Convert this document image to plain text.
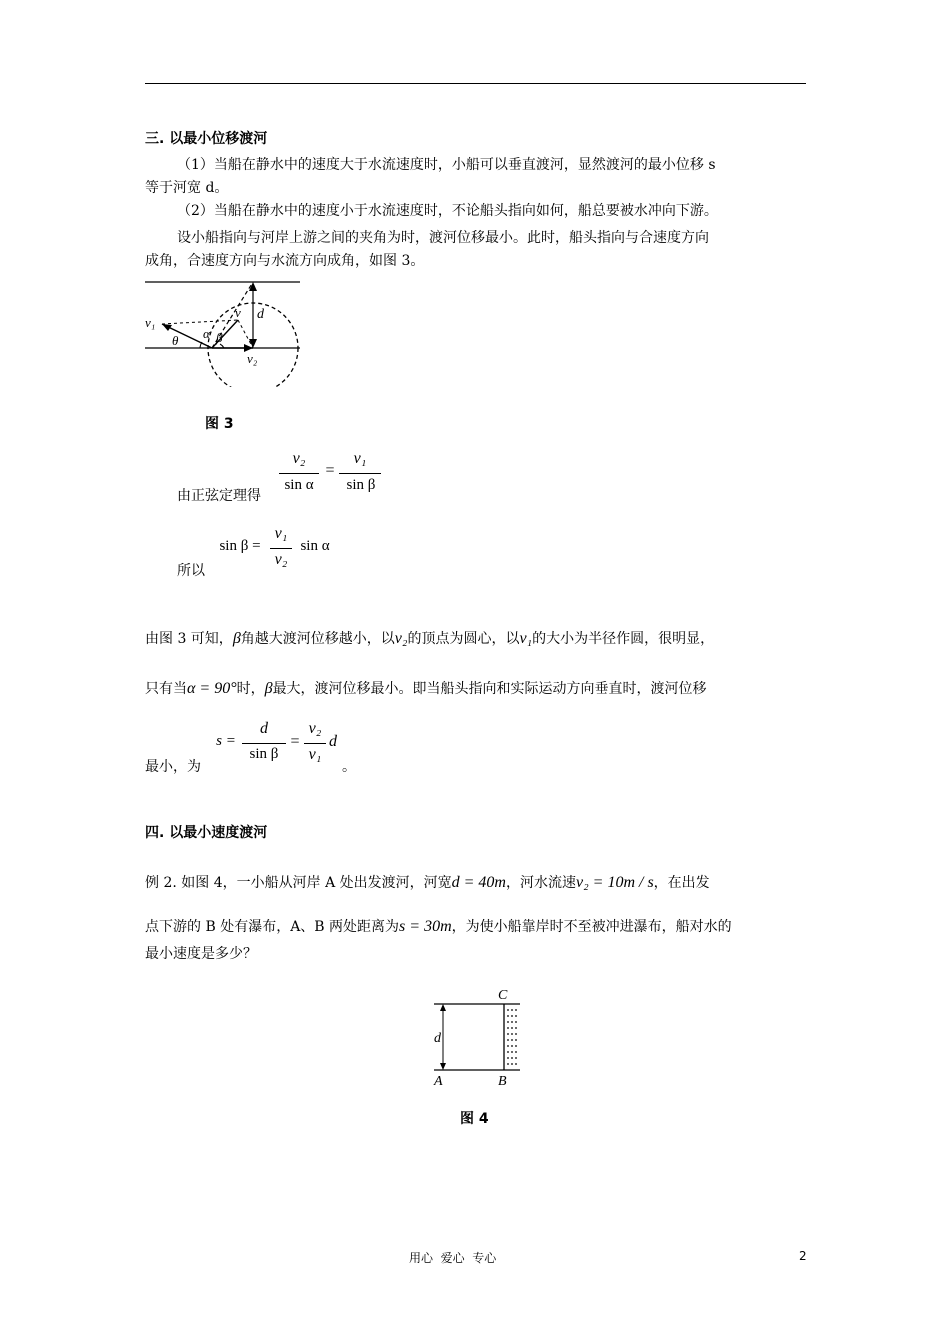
三. 以最小位移渡河
（1）当船在静水中的速度大于水流速度时，小船可以垂直渡河，显然渡河的最小位移 s
等于河宽 d。
（2）当船在静水中的速度小于水流速度时，不论船头指向如何，船总要被水冲向下游。
设小船指向与河岸上游之间的夹角为时，渡河位移最小。此时，船头指向与合速度方向
成角，合速度方向与水流方向成角，如图 3。
v₁
v
α β
θ
d
v₂
图 3
由正弦定理得
v₂
sin α
=
v₁
sin β
所以
sin β =
v₁
v₂
sin α
由图 3 可知，β角越大渡河位移越小，以v₂的顶点为圆心，以v₁的大小为半径作圆，很明显，
只有当α = 90°时，β最大，渡河位移最小。即当船头指向和实际运动方向垂直时，渡河位移
最小，为
s =
d
sin β
=
v₂
v₁
d
。
四. 以最小速度渡河
例 2. 如图 4，一小船从河岸 A 处出发渡河，河宽d = 40m，河水流速v₂ = 10m / s，在出发
点下游的 B 处有瀑布，A、B 两处距离为s = 30m，为使小船靠岸时不至被冲进瀑布，船对水的
最小速度是多少？
C
d
A	B
图 4
用心  爱心  专心	2
